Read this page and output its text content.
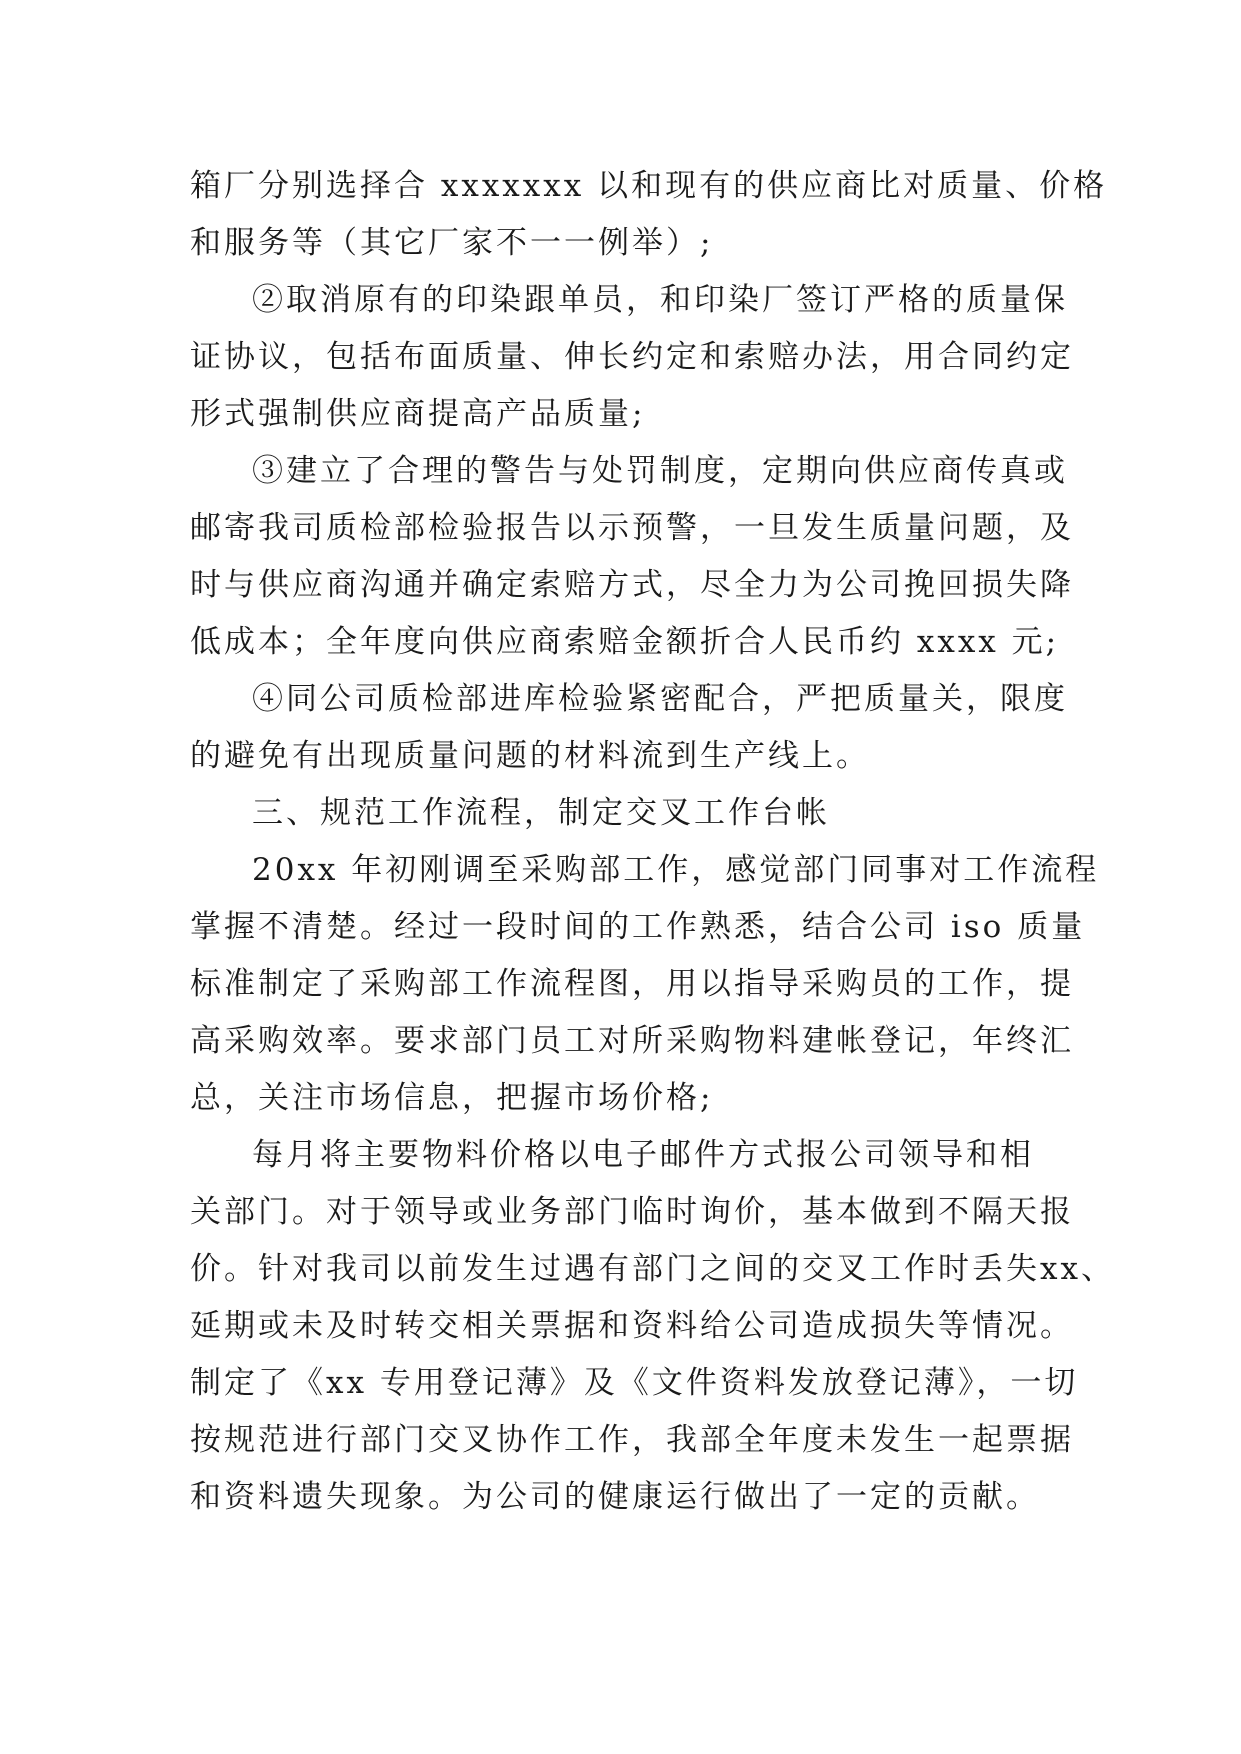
箱厂分别选择合 xxxxxxx 以和现有的供应商比对质量、价格
和服务等（其它厂家不一一例举）;
②取消原有的印染跟单员，和印染厂签订严格的质量保
证协议，包括布面质量、伸长约定和索赔办法，用合同约定
形式强制供应商提高产品质量;
③建立了合理的警告与处罚制度，定期向供应商传真或
邮寄我司质检部检验报告以示预警，一旦发生质量问题，及
时与供应商沟通并确定索赔方式，尽全力为公司挽回损失降
低成本；全年度向供应商索赔金额折合人民币约 xxxx 元;
④同公司质检部进库检验紧密配合，严把质量关，限度
的避免有出现质量问题的材料流到生产线上。
三、规范工作流程，制定交叉工作台帐
20xx 年初刚调至采购部工作，感觉部门同事对工作流程
掌握不清楚。经过一段时间的工作熟悉，结合公司 iso 质量
标准制定了采购部工作流程图，用以指导采购员的工作，提
高采购效率。要求部门员工对所采购物料建帐登记，年终汇
总，关注市场信息，把握市场价格;
每月将主要物料价格以电子邮件方式报公司领导和相
关部门。对于领导或业务部门临时询价，基本做到不隔天报
价。针对我司以前发生过遇有部门之间的交叉工作时丢失xx、
延期或未及时转交相关票据和资料给公司造成损失等情况。
制定了《xx 专用登记薄》及《文件资料发放登记薄》，一切
按规范进行部门交叉协作工作，我部全年度未发生一起票据
和资料遗失现象。为公司的健康运行做出了一定的贡献。
